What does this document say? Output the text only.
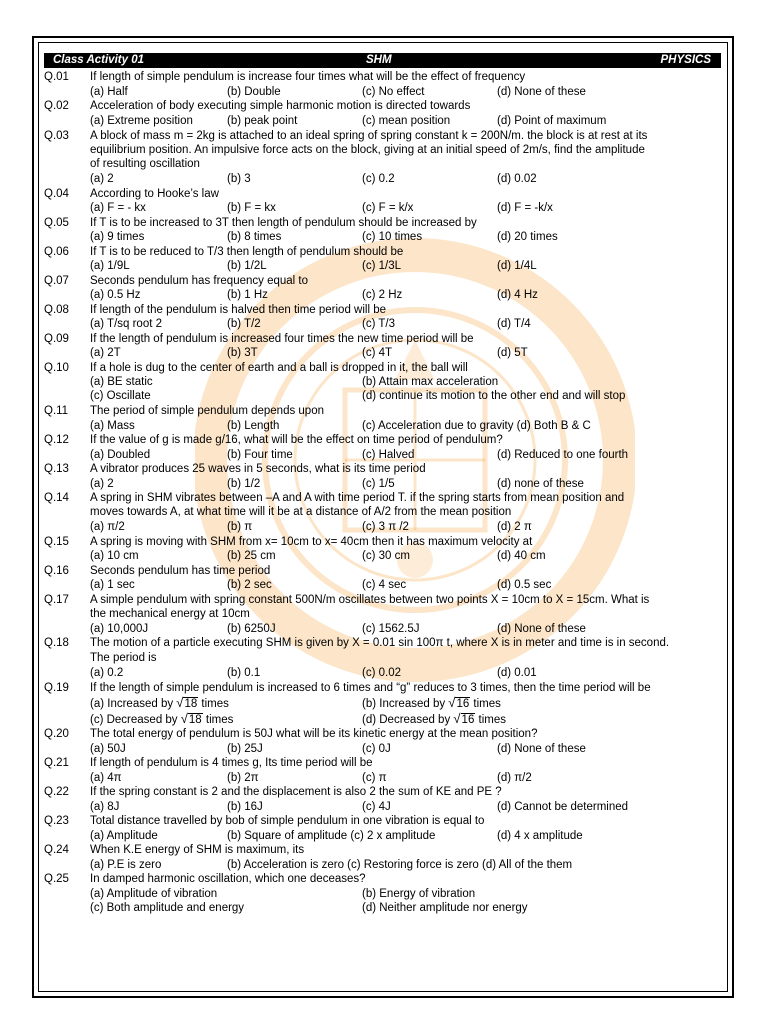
Class Activity 01	SHM	PHYSICS
Q.01 If length of simple pendulum is increase four times what will be the effect of frequency
(a) Half	(b) Double	(c) No effect	(d) None of these
Q.02 Acceleration of body executing simple harmonic motion is directed towards
(a) Extreme position	(b) peak point	(c) mean position	(d) Point of maximum
Q.03 A block of mass m = 2kg is attached to an ideal spring of spring constant k = 200N/m. the block is at rest at its
equilibrium position. An impulsive force acts on the block, giving at an initial speed of 2m/s, find the amplitude
of resulting oscillation
(a) 2	(b) 3	(c) 0.2	(d) 0.02
Q.04 According to Hooke’s law
(a) F = - kx	(b) F = kx	(c) F = k/x	(d) F = -k/x
Q.05 If T is to be increased to 3T then length of pendulum should be increased by
(a) 9 times	(b) 8 times	(c) 10 times	(d) 20 times
Q.06 If T is to be reduced to T/3 then length of pendulum should be
(a) 1/9L	(b) 1/2L	(c) 1/3L	(d) 1/4L
Q.07 Seconds pendulum has frequency equal to
(a) 0.5 Hz	(b) 1 Hz	(c) 2 Hz	(d) 4 Hz
Q.08 If length of the pendulum is halved then time period will be
(a) T/sq root 2	(b) T/2	(c) T/3	(d) T/4
Q.09 If the length of pendulum is increased four times the new time period will be
(a) 2T	(b) 3T	(c) 4T	(d) 5T
Q.10 If a hole is dug to the center of earth and a ball is dropped in it, the ball will
(a) BE static	(b) Attain max acceleration
(c) Oscillate	(d) continue its motion to the other end and will stop
Q.11 The period of simple pendulum depends upon
(a) Mass	(b) Length	(c) Acceleration due to gravity (d) Both B & C
Q.12 If the value of g is made g/16, what will be the effect on time period of pendulum?
(a) Doubled	(b) Four time	(c) Halved	(d) Reduced to one fourth
Q.13 A vibrator produces 25 waves in 5 seconds, what is its time period
(a) 2	(b) 1/2	(c) 1/5	(d) none of these
Q.14 A spring in SHM vibrates between –A and A with time period T. if the spring starts from mean position and
moves towards A, at what time will it be at a distance of A/2 from the mean position
(a) π/2	(b) π	(c) 3 π /2	(d) 2 π
Q.15 A spring is moving with SHM from x= 10cm to x= 40cm then it has maximum velocity at
(a) 10 cm	(b) 25 cm	(c) 30 cm	(d) 40 cm
Q.16 Seconds pendulum has time period
(a) 1 sec	(b) 2 sec	(c) 4 sec	(d) 0.5 sec
Q.17 A simple pendulum with spring constant 500N/m oscillates between two points X = 10cm to X = 15cm. What is
the mechanical energy at 10cm
(a) 10,000J	(b) 6250J	(c) 1562.5J	(d) None of these
Q.18 The motion of a particle executing SHM is given by X = 0.01 sin 100π t, where X is in meter and time is in second.
The period is
(a) 0.2	(b) 0.1	(c) 0.02	(d) 0.01
Q.19 If the length of simple pendulum is increased to 6 times and “g” reduces to 3 times, then the time period will be
(a) Increased by √18 times	(b) Increased by √16 times
(c) Decreased by √18 times	(d) Decreased by √16 times
Q.20 The total energy of pendulum is 50J what will be its kinetic energy at the mean position?
(a) 50J	(b) 25J	(c) 0J	(d) None of these
Q.21 If length of pendulum is 4 times g, Its time period will be
(a) 4π	(b) 2π	(c) π	(d) π/2
Q.22 If the spring constant is 2 and the displacement is also 2 the sum of KE and PE ?
(a) 8J	(b) 16J	(c) 4J	(d) Cannot be determined
Q.23 Total distance travelled by bob of simple pendulum in one vibration is equal to
(a) Amplitude	(b) Square of amplitude (c) 2 x amplitude	(d) 4 x amplitude
Q.24 When K.E energy of SHM is maximum, its
(a) P.E is zero	(b) Acceleration is zero (c) Restoring force is zero (d) All of the them
Q.25 In damped harmonic oscillation, which one deceases?
(a) Amplitude of vibration	(b) Energy of vibration
(c) Both amplitude and energy	(d) Neither amplitude nor energy
